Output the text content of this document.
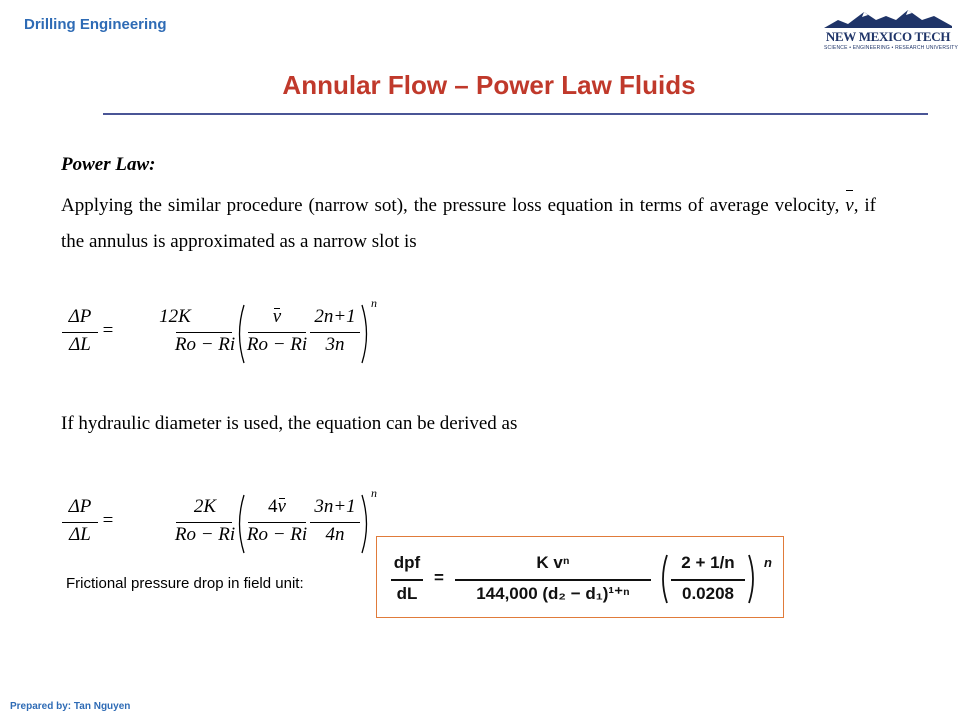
Drilling Engineering
NEW MEXICO TECH
SCIENCE • ENGINEERING • RESEARCH UNIVERSITY
Annular Flow – Power Law Fluids
Power Law:
Applying the similar procedure (narrow sot), the pressure loss equation in terms of average velocity, v, if the annulus is approximated as a narrow slot is
ΔP
ΔL
=
12K
Ro − Ri
v
Ro − Ri
2n+1
3n
n
If hydraulic diameter is used, the equation can be derived as
ΔP
ΔL
=
2K
Ro − Ri
4v
Ro − Ri
3n+1
4n
n
Frictional pressure drop in field unit:
dpf
dL
=
K vⁿ
144,000 (d₂ − d₁)¹⁺ⁿ
2 + 1/n
0.0208
n
Prepared by: Tan Nguyen
